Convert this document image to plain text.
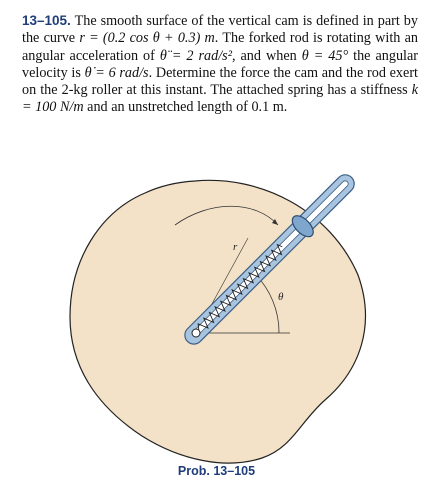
13–105. The smooth surface of the vertical cam is defined in part by the curve r = (0.2 cos θ + 0.3) m. The forked rod is rotating with an angular acceleration of θ̈ = 2 rad/s², and when θ = 45° the angular velocity is θ̇ = 6 rad/s. Determine the force the cam and the rod exert on the 2-kg roller at this instant. The attached spring has a stiffness k = 100 N/m and an unstretched length of 0.1 m.
r
θ
Prob. 13–105
